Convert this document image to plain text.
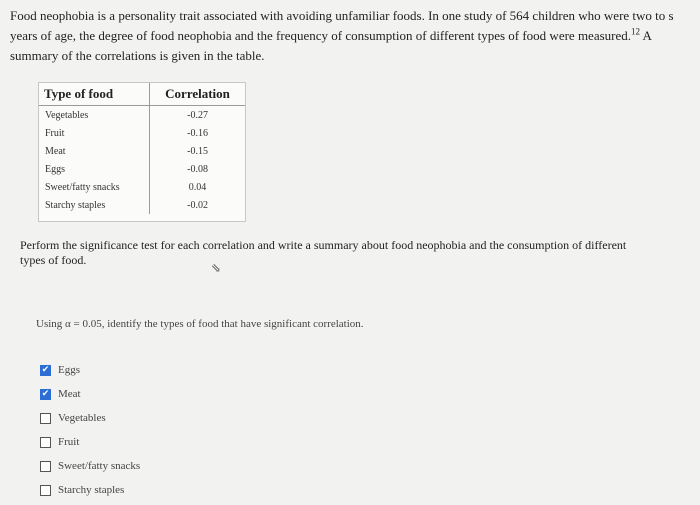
Food neophobia is a personality trait associated with avoiding unfamiliar foods. In one study of 564 children who were two to s
years of age, the degree of food neophobia and the frequency of consumption of different types of food were measured.$^{12}$ A
summary of the correlations is given in the table.
Type of food	Correlation
Vegetables	-0.27
Fruit	-0.16
Meat	-0.15
Eggs	-0.08
Sweet/fatty snacks	0.04
Starchy staples	-0.02
Perform the significance test for each correlation and write a summary about food neophobia and the consumption of different
types of food.
⇘
Using α = 0.05, identify the types of food that have significant correlation.
✔ Eggs
✔ Meat
Vegetables
Fruit
Sweet/fatty snacks
Starchy staples
